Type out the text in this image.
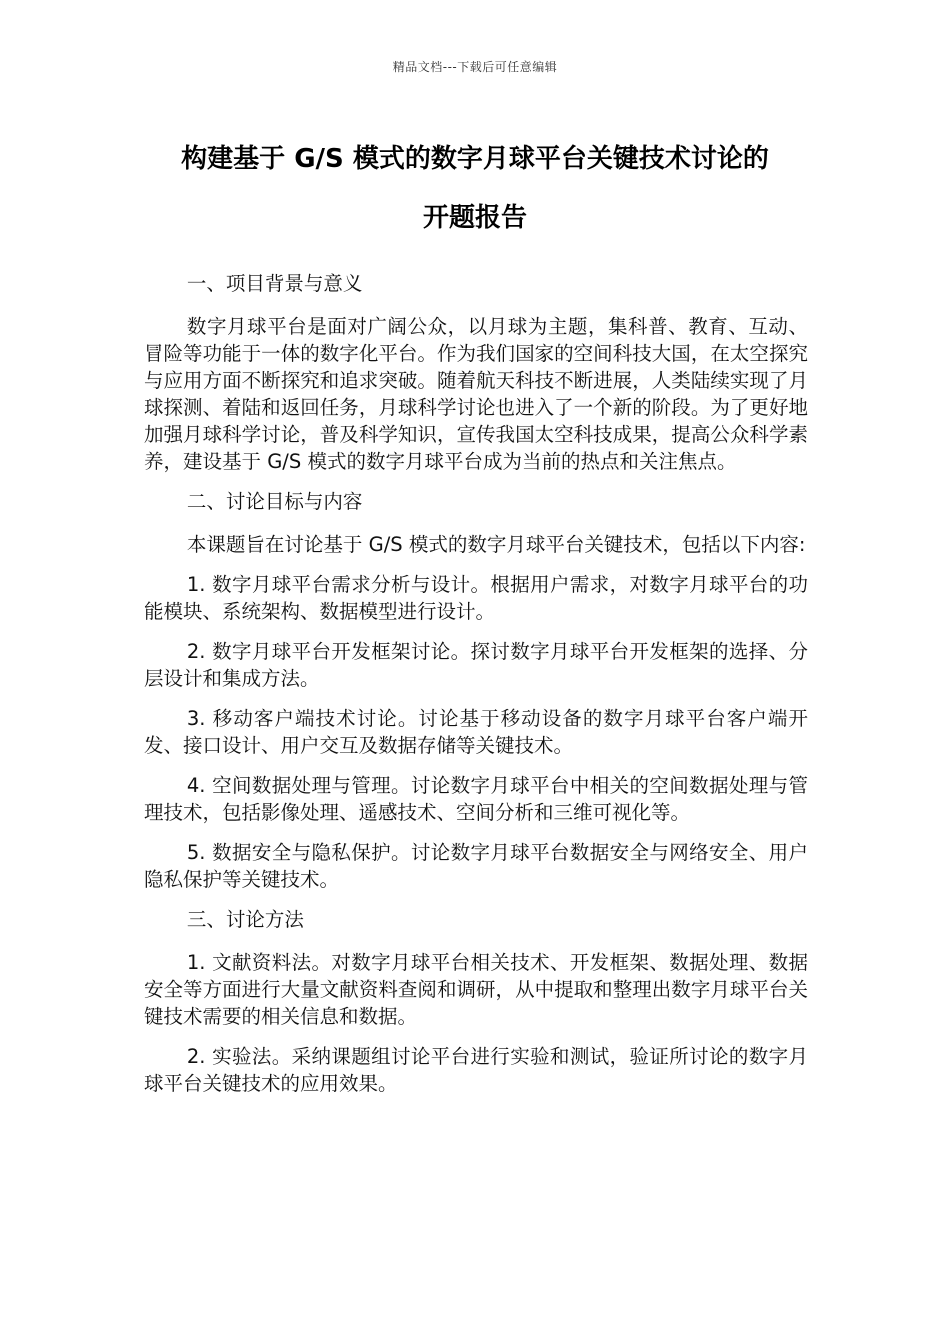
精品文档---下载后可任意编辑
构建基于 G/S 模式的数字月球平台关键技术讨论的
开题报告

一、项目背景与意义

数字月球平台是面对广阔公众，以月球为主题，集科普、教育、互动、冒险等功能于一体的数字化平台。作为我们国家的空间科技大国，在太空探究与应用方面不断探究和追求突破。随着航天科技不断进展，人类陆续实现了月球探测、着陆和返回任务，月球科学讨论也进入了一个新的阶段。为了更好地加强月球科学讨论，普及科学知识，宣传我国太空科技成果，提高公众科学素养，建设基于 G/S 模式的数字月球平台成为当前的热点和关注焦点。

二、讨论目标与内容

本课题旨在讨论基于 G/S 模式的数字月球平台关键技术，包括以下内容:

1. 数字月球平台需求分析与设计。根据用户需求，对数字月球平台的功能模块、系统架构、数据模型进行设计。

2. 数字月球平台开发框架讨论。探讨数字月球平台开发框架的选择、分层设计和集成方法。

3. 移动客户端技术讨论。讨论基于移动设备的数字月球平台客户端开发、接口设计、用户交互及数据存储等关键技术。

4. 空间数据处理与管理。讨论数字月球平台中相关的空间数据处理与管理技术，包括影像处理、遥感技术、空间分析和三维可视化等。

5. 数据安全与隐私保护。讨论数字月球平台数据安全与网络安全、用户隐私保护等关键技术。

三、讨论方法

1. 文献资料法。对数字月球平台相关技术、开发框架、数据处理、数据安全等方面进行大量文献资料查阅和调研，从中提取和整理出数字月球平台关键技术需要的相关信息和数据。

2. 实验法。采纳课题组讨论平台进行实验和测试，验证所讨论的数字月球平台关键技术的应用效果。
